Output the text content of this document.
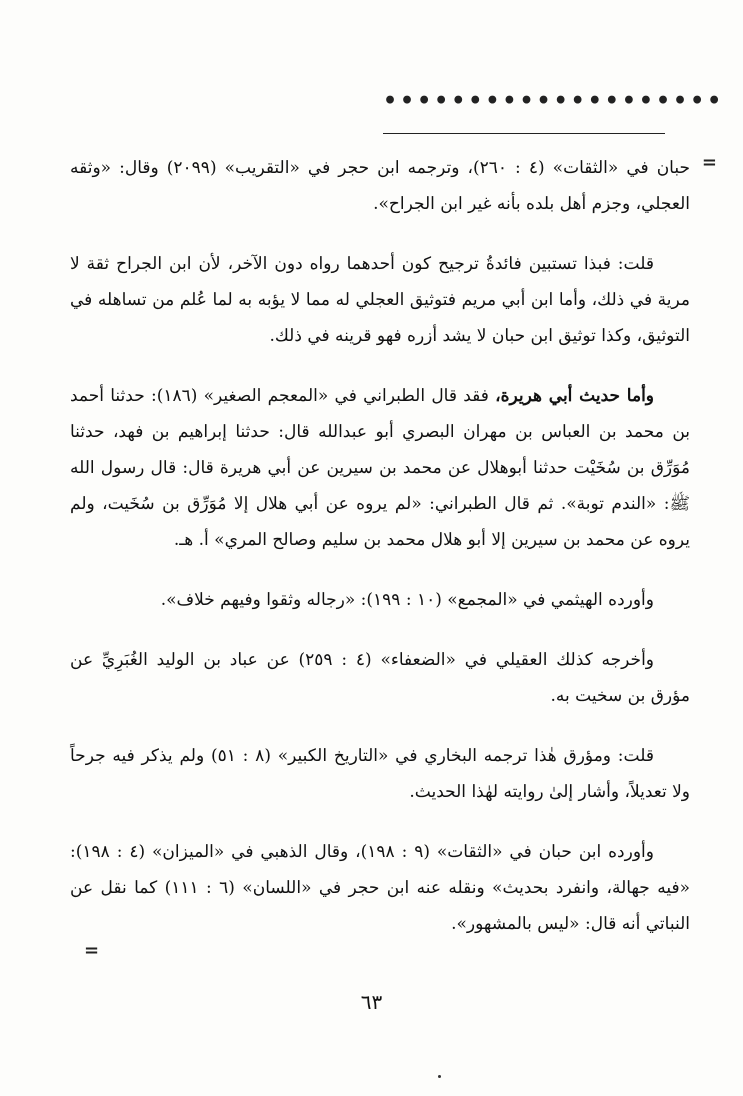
••••••••••••••••••••
=

حبان في «الثقات» (٤ : ٢٦٠)، وترجمه ابن حجر في «التقريب» (٢٠٩٩) وقال: «وثقه العجلي، وجزم أهل بلده بأنه غير ابن الجراح».

قلت: فبذا تستبين فائدةُ ترجيح كون أحدهما رواه دون الآخر، لأن ابن الجراح ثقة لا مرية في ذلك، وأما ابن أبي مريم فتوثيق العجلي له مما لا يؤبه به لما عُلم من تساهله في التوثيق، وكذا توثيق ابن حبان لا يشد أزره فهو قرينه في ذلك.

وأما حديث أبي هريرة، فقد قال الطبراني في «المعجم الصغير» (١٨٦): حدثنا أحمد بن محمد بن العباس بن مهران البصري أبو عبدالله قال: حدثنا إبراهيم بن فهد، حدثنا مُوَرِّق بن سُخَيْت حدثنا أبوهلال عن محمد بن سيرين عن أبي هريرة قال: قال رسول الله ﷺ: «الندم توبة». ثم قال الطبراني: «لم يروه عن أبي هلال إلا مُوَرِّق بن سُخَيت، ولم يروه عن محمد بن سيرين إلا أبو هلال محمد بن سليم وصالح المري» أ. هـ.

وأورده الهيثمي في «المجمع» (١٠ : ١٩٩): «رجاله وثقوا وفيهم خلاف».

وأخرجه كذلك العقيلي في «الضعفاء» (٤ : ٢٥٩) عن عباد بن الوليد الغُبَرِيِّ عن مؤرق بن سخيت به.

قلت: ومؤرق هٰذا ترجمه البخاري في «التاريخ الكبير» (٨ : ٥١) ولم يذكر فيه جرحاً ولا تعديلاً، وأشار إلىٰ روايته لهٰذا الحديث.

وأورده ابن حبان في «الثقات» (٩ : ١٩٨)، وقال الذهبي في «الميزان» (٤ : ١٩٨): «فيه جهالة، وانفرد بحديث» ونقله عنه ابن حجر في «اللسان» (٦ : ١١١) كما نقل عن النباتي أنه قال: «ليس بالمشهور».

=
٦٣
